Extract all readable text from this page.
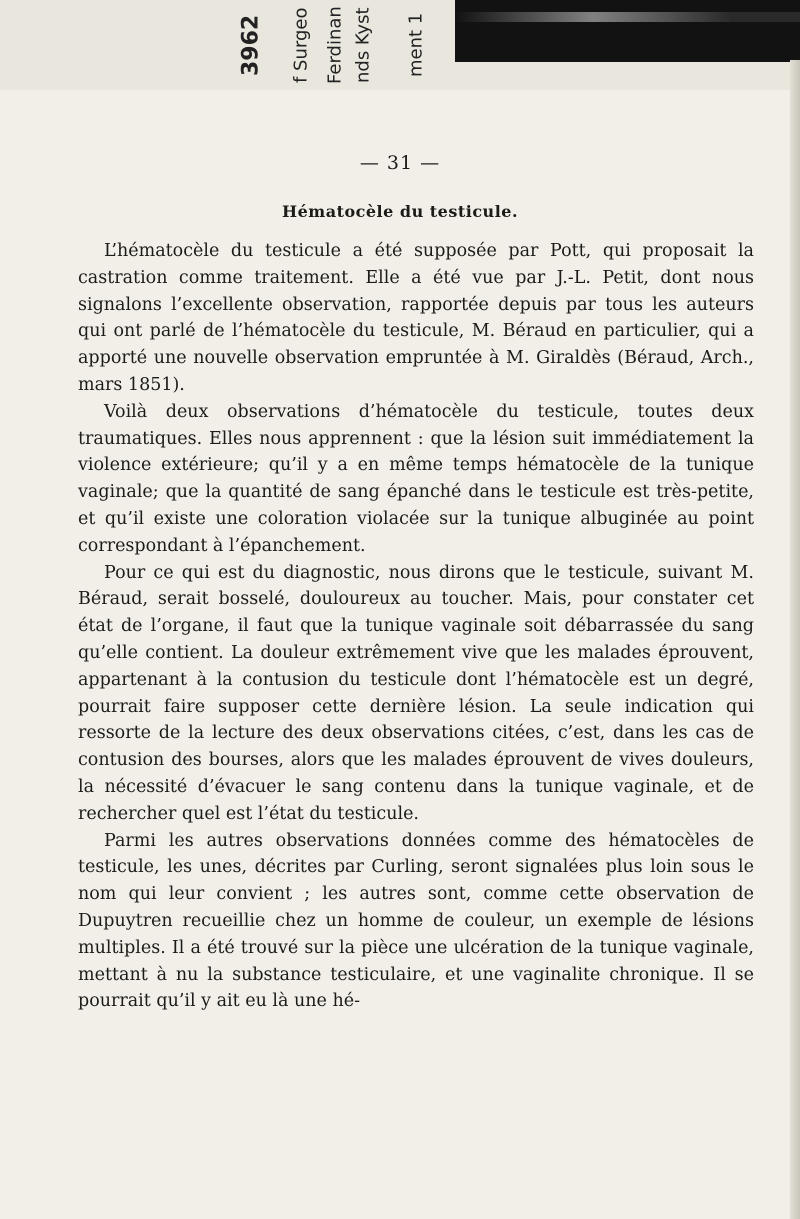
3962 f Surgeo Ferdinan nds Kyst ment 1
— 31 —
Hématocèle du testicule.

L’hématocèle du testicule a été supposée par Pott, qui proposait la castration comme traitement. Elle a été vue par J.-L. Petit, dont nous signalons l’excellente observation, rapportée depuis par tous les auteurs qui ont parlé de l’hématocèle du testicule, M. Béraud en particulier, qui a apporté une nouvelle observation empruntée à M. Giraldès (Béraud, Arch., mars 1851).

Voilà deux observations d’hématocèle du testicule, toutes deux traumatiques. Elles nous apprennent : que la lésion suit immédiatement la violence extérieure; qu’il y a en même temps hématocèle de la tunique vaginale; que la quantité de sang épanché dans le testicule est très-petite, et qu’il existe une coloration violacée sur la tunique albuginée au point correspondant à l’épanchement.

Pour ce qui est du diagnostic, nous dirons que le testicule, suivant M. Béraud, serait bosselé, douloureux au toucher. Mais, pour constater cet état de l’organe, il faut que la tunique vaginale soit débarrassée du sang qu’elle contient. La douleur extrêmement vive que les malades éprouvent, appartenant à la contusion du testicule dont l’hématocèle est un degré, pourrait faire supposer cette dernière lésion. La seule indication qui ressorte de la lecture des deux observations citées, c’est, dans les cas de contusion des bourses, alors que les malades éprouvent de vives douleurs, la nécessité d’évacuer le sang contenu dans la tunique vaginale, et de rechercher quel est l’état du testicule.

Parmi les autres observations données comme des hématocèles de testicule, les unes, décrites par Curling, seront signalées plus loin sous le nom qui leur convient ; les autres sont, comme cette observation de Dupuytren recueillie chez un homme de couleur, un exemple de lésions multiples. Il a été trouvé sur la pièce une ulcération de la tunique vaginale, mettant à nu la substance testiculaire, et une vaginalite chronique. Il se pourrait qu’il y ait eu là une hé-
